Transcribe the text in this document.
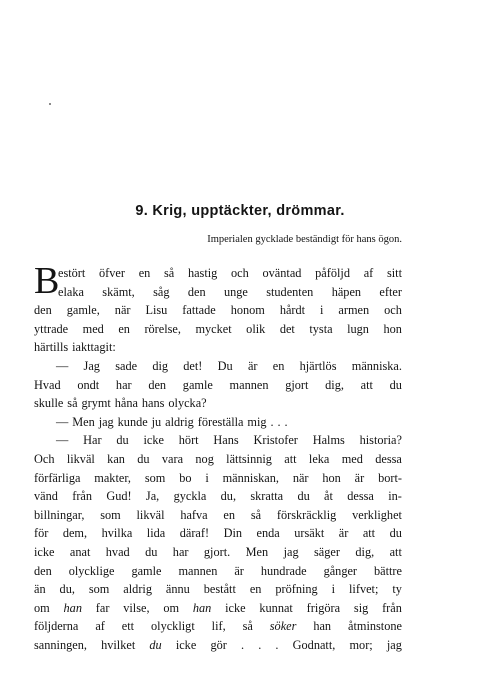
9. Krig, upptäckter, drömmar.

Imperialen gycklade beständigt för hans ögon.

B
estört öfver en så hastig och oväntad påföljd af sitt
elaka skämt, såg den unge studenten häpen efter
den gamle, när Lisu fattade honom hårdt i armen och
yttrade med en rörelse, mycket olik det tysta lugn hon
härtills iakttagit:
— Jag sade dig det! Du är en hjärtlös människa.
Hvad ondt har den gamle mannen gjort dig, att du
skulle så grymt håna hans olycka?
— Men jag kunde ju aldrig föreställa mig . . .
— Har du icke hört Hans Kristofer Halms historia?
Och likväl kan du vara nog lättsinnig att leka med dessa
förfärliga makter, som bo i människan, när hon är bort-
vänd från Gud! Ja, gyckla du, skratta du åt dessa in-
billningar, som likväl hafva en så förskräcklig verklighet
för dem, hvilka lida däraf! Din enda ursäkt är att du
icke anat hvad du har gjort. Men jag säger dig, att
den olycklige gamle mannen är hundrade gånger bättre
än du, som aldrig ännu bestått en pröfning i lifvet; ty
om han far vilse, om han icke kunnat frigöra sig från
följderna af ett olyckligt lif, så söker han åtminstone
sanningen, hvilket du icke gör . . . Godnatt, mor; jag
